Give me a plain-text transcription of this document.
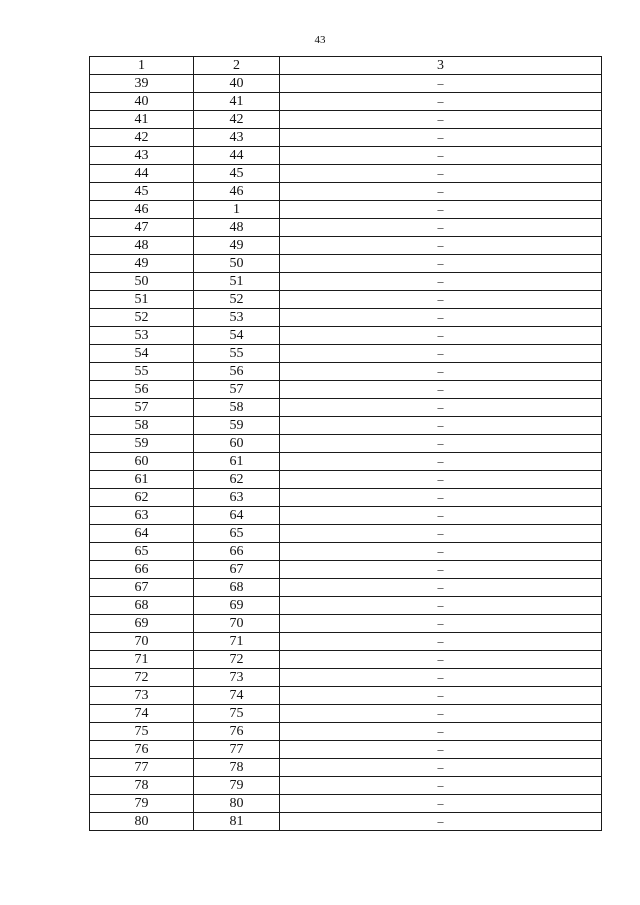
43
1	2	3
39	40	–
40	41	–
41	42	–
42	43	–
43	44	–
44	45	–
45	46	–
46	1	–
47	48	–
48	49	–
49	50	–
50	51	–
51	52	–
52	53	–
53	54	–
54	55	–
55	56	–
56	57	–
57	58	–
58	59	–
59	60	–
60	61	–
61	62	–
62	63	–
63	64	–
64	65	–
65	66	–
66	67	–
67	68	–
68	69	–
69	70	–
70	71	–
71	72	–
72	73	–
73	74	–
74	75	–
75	76	–
76	77	–
77	78	–
78	79	–
79	80	–
80	81	–
